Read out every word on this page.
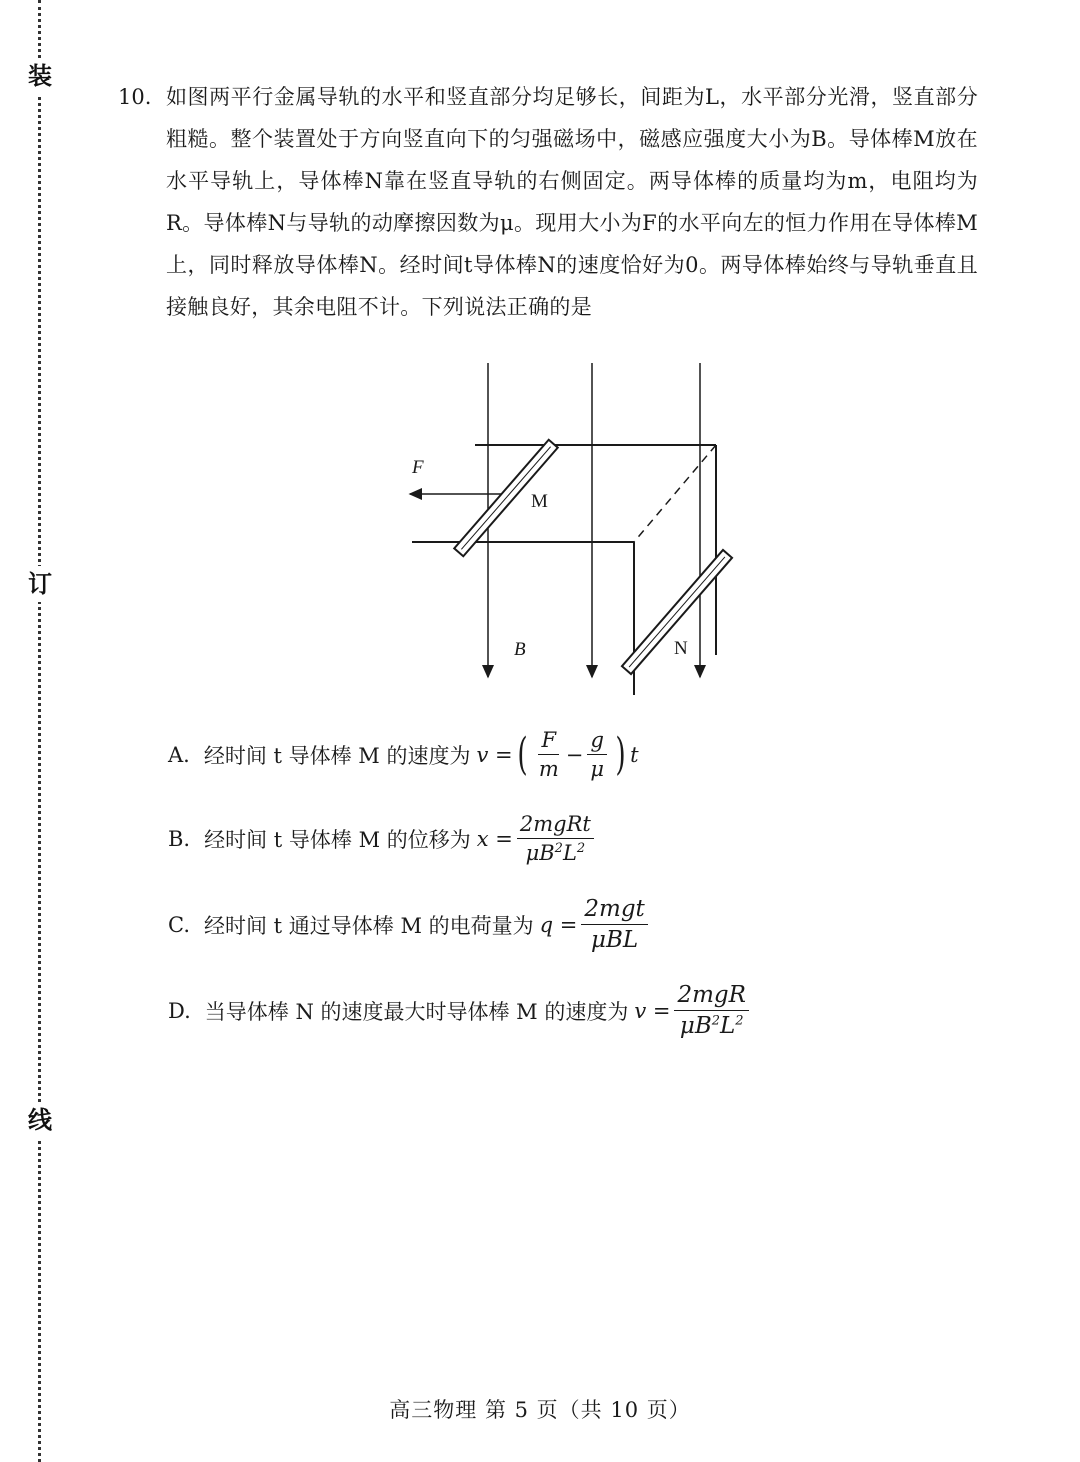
装
订
线
10. 如图两平行金属导轨的水平和竖直部分均足够长，间距为L，水平部分光滑，竖直部分粗糙。整个装置处于方向竖直向下的匀强磁场中，磁感应强度大小为B。导体棒M放在水平导轨上，导体棒N靠在竖直导轨的右侧固定。两导体棒的质量均为m，电阻均为R。导体棒N与导轨的动摩擦因数为μ。现用大小为F的水平向左的恒力作用在导体棒M上，同时释放导体棒N。经时间t导体棒N的速度恰好为0。两导体棒始终与导轨垂直且接触良好，其余电阻不计。下列说法正确的是
F
M
B	N
A. 经时间 t 导体棒 M 的速度为 v = ( $\frac{F}{m} - \frac{g}{\mu}$ ) t
B. 经时间 t 导体棒 M 的位移为 $x = \frac{\text{2mgRt}}{\mu B^2L^2}$
C. 经时间 t 通过导体棒 M 的电荷量为 $q = \frac{\text{2mgt}}{\text{μBL}}$
D. 当导体棒 N 的速度最大时导体棒 M 的速度为 $v = \frac{\text{2mgR}}{\mu B^2L^2}$
高三物理 第 5 页（共 10 页）
